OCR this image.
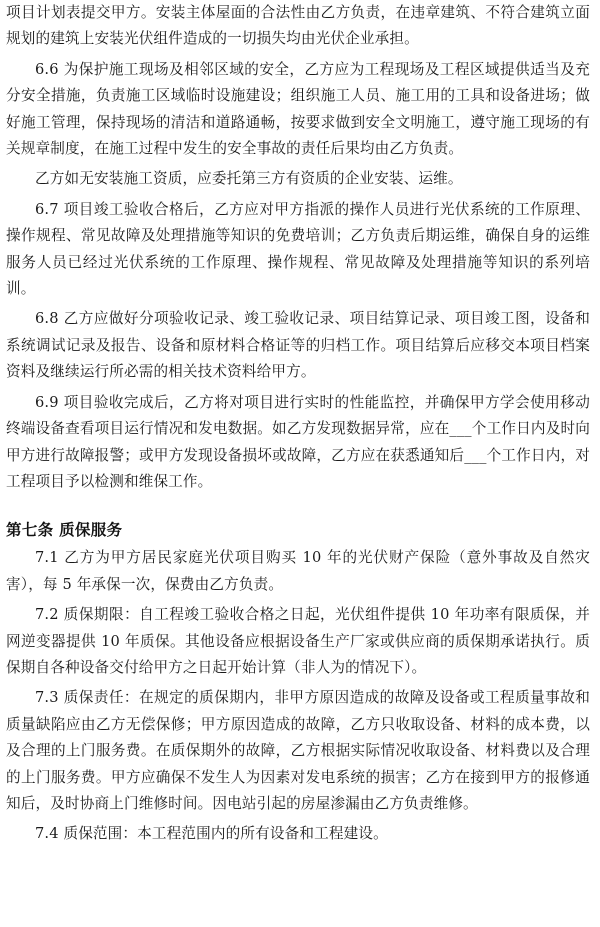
项目计划表提交甲方。安装主体屋面的合法性由乙方负责，在违章建筑、不符合建筑立面规划的建筑上安装光伏组件造成的一切损失均由光伏企业承担。

6.6 为保护施工现场及相邻区域的安全，乙方应为工程现场及工程区域提供适当及充分安全措施，负责施工区域临时设施建设；组织施工人员、施工用的工具和设备进场；做好施工管理，保持现场的清洁和道路通畅，按要求做到安全文明施工，遵守施工现场的有关规章制度，在施工过程中发生的安全事故的责任后果均由乙方负责。

乙方如无安装施工资质，应委托第三方有资质的企业安装、运维。

6.7 项目竣工验收合格后，乙方应对甲方指派的操作人员进行光伏系统的工作原理、操作规程、常见故障及处理措施等知识的免费培训；乙方负责后期运维，确保自身的运维服务人员已经过光伏系统的工作原理、操作规程、常见故障及处理措施等知识的系列培训。

6.8 乙方应做好分项验收记录、竣工验收记录、项目结算记录、项目竣工图，设备和系统调试记录及报告、设备和原材料合格证等的归档工作。项目结算后应移交本项目档案资料及继续运行所必需的相关技术资料给甲方。

6.9 项目验收完成后，乙方将对项目进行实时的性能监控，并确保甲方学会使用移动终端设备查看项目运行情况和发电数据。如乙方发现数据异常，应在___个工作日内及时向甲方进行故障报警；或甲方发现设备损坏或故障，乙方应在获悉通知后___个工作日内，对工程项目予以检测和维保工作。

第七条 质保服务

7.1 乙方为甲方居民家庭光伏项目购买 10 年的光伏财产保险（意外事故及自然灾害），每 5 年承保一次，保费由乙方负责。

7.2 质保期限：自工程竣工验收合格之日起，光伏组件提供 10 年功率有限质保，并网逆变器提供 10 年质保。其他设备应根据设备生产厂家或供应商的质保期承诺执行。质保期自各种设备交付给甲方之日起开始计算（非人为的情况下）。

7.3 质保责任：在规定的质保期内，非甲方原因造成的故障及设备或工程质量事故和质量缺陷应由乙方无偿保修；甲方原因造成的故障，乙方只收取设备、材料的成本费，以及合理的上门服务费。在质保期外的故障，乙方根据实际情况收取设备、材料费以及合理的上门服务费。甲方应确保不发生人为因素对发电系统的损害；乙方在接到甲方的报修通知后，及时协商上门维修时间。因电站引起的房屋渗漏由乙方负责维修。

7.4 质保范围：本工程范围内的所有设备和工程建设。
